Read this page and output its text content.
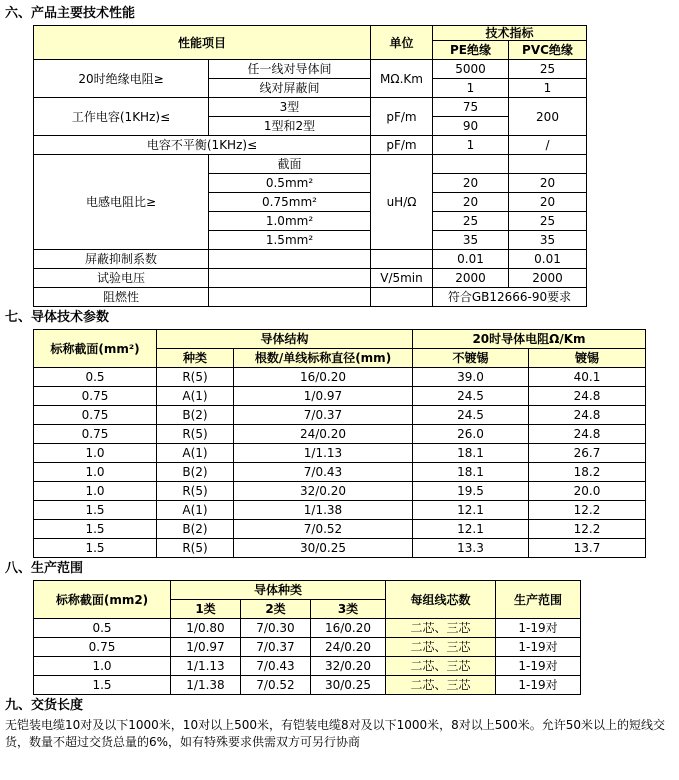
六、产品主要技术性能
性能项目		单位	技术指标	
			PE绝缘	PVC绝缘
20时绝缘电阻≥	任一线对导体间	MΩ.Km	5000	25
	线对屏蔽间		1	1
工作电容(1KHz)≤	3型	pF/m	75	200
	1型和2型		90	
电容不平衡(1KHz)≤		pF/m	1	/
电感电阻比≥	截面	uH/Ω		
	0.5mm²		20	20
	0.75mm²		20	20
	1.0mm²		25	25
	1.5mm²		35	35
屏蔽抑制系数			0.01	0.01
试验电压		V/5min	2000	2000
阻燃性			符合GB12666-90要求	
七、导体技术参数
标称截面(mm²)	导体结构		20时导体电阻Ω/Km	
	种类	根数/单线标称直径(mm)	不镀锡	镀锡
0.5	R(5)	16/0.20	39.0	40.1
0.75	A(1)	1/0.97	24.5	24.8
0.75	B(2)	7/0.37	24.5	24.8
0.75	R(5)	24/0.20	26.0	24.8
1.0	A(1)	1/1.13	18.1	26.7
1.0	B(2)	7/0.43	18.1	18.2
1.0	R(5)	32/0.20	19.5	20.0
1.5	A(1)	1/1.38	12.1	12.2
1.5	B(2)	7/0.52	12.1	12.2
1.5	R(5)	30/0.25	13.3	13.7
八、生产范围
标称截面(mm2)	导体种类			每组线芯数	生产范围
	1类	2类	3类		
0.5	1/0.80	7/0.30	16/0.20	二芯、三芯	1-19对
0.75	1/0.97	7/0.37	24/0.20	二芯、三芯	1-19对
1.0	1/1.13	7/0.43	32/0.20	二芯、三芯	1-19对
1.5	1/1.38	7/0.52	30/0.25	二芯、三芯	1-19对
九、交货长度
无铠装电缆10对及以下1000米，10对以上500米，有铠装电缆8对及以下1000米，8对以上500米。允许50米以上的短线交货，数量不超过交货总量的6%，如有特殊要求供需双方可另行协商
